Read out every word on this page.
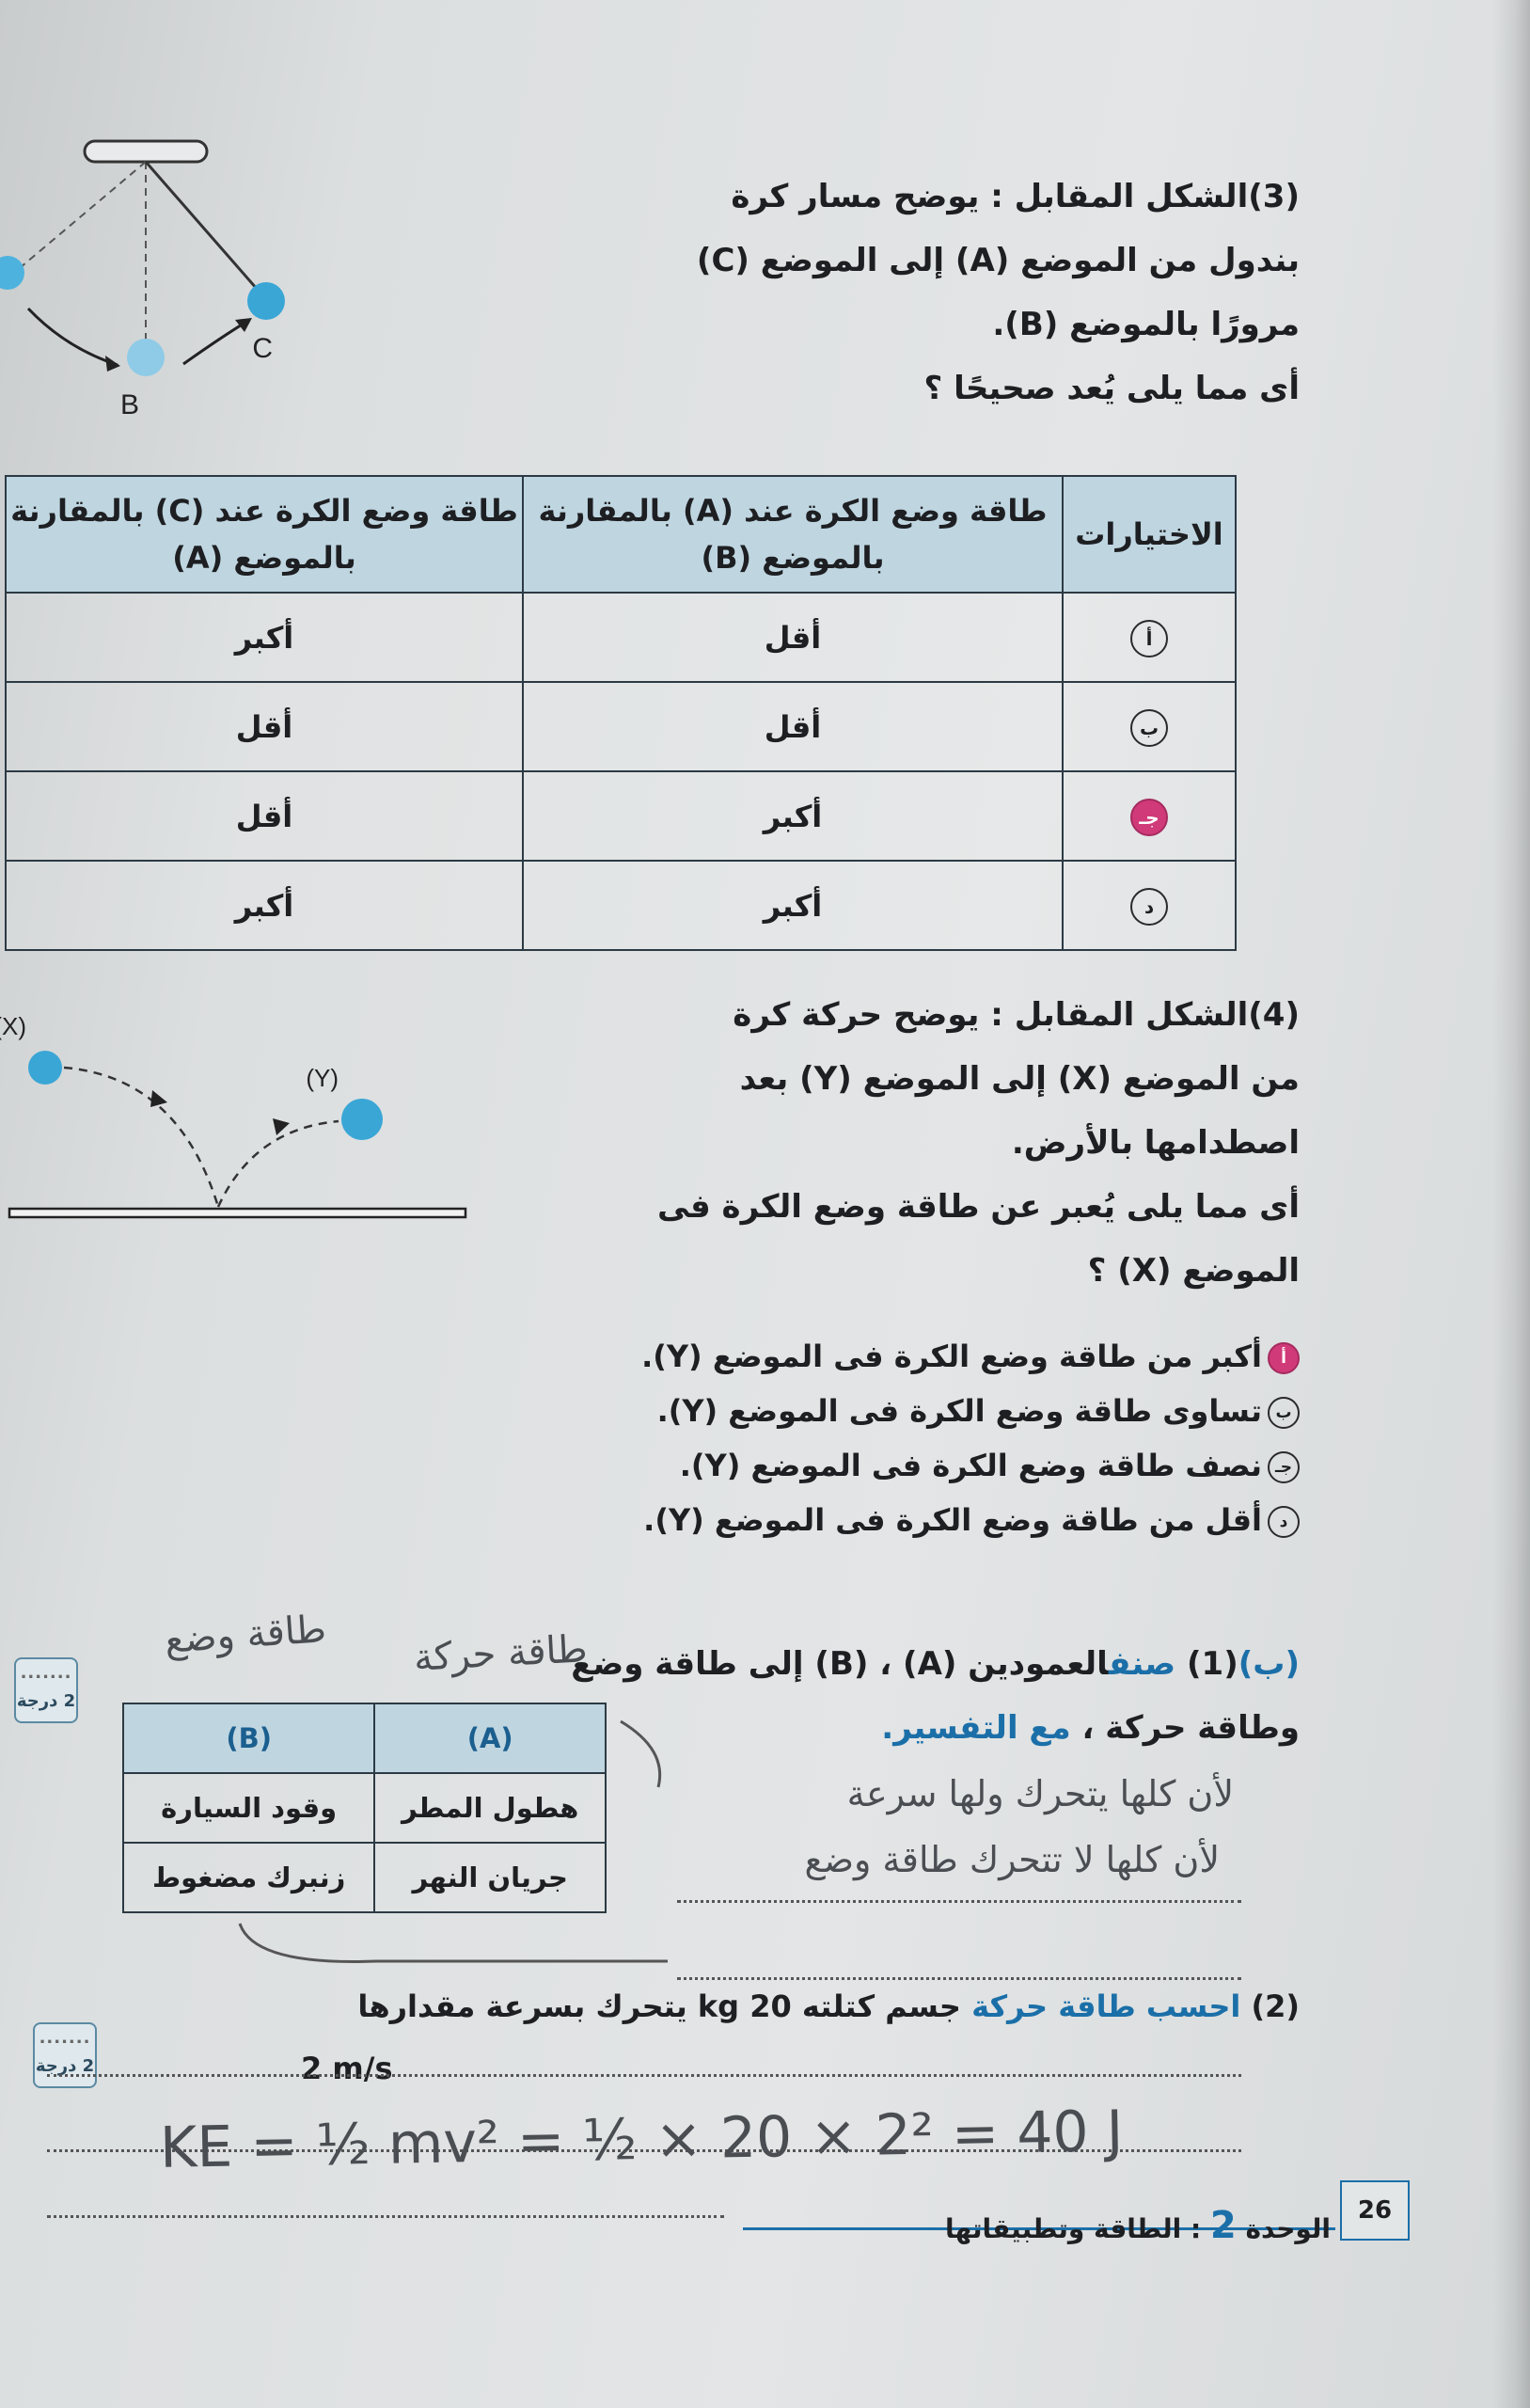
(3)الشكل المقابل : يوضح مسار كرة
بندول من الموضع (A) إلى الموضع (C)
مرورًا بالموضع (B).
أى مما يلى يُعد صحيحًا ؟
B
C
الاختيارات	طاقة وضع الكرة عند (A) بالمقارنة بالموضع (B)	طاقة وضع الكرة عند (C) بالمقارنة بالموضع (A)
أ	أقل	أكبر
ب	أقل	أقل
جـ	أكبر	أقل
د	أكبر	أكبر
(4)الشكل المقابل : يوضح حركة كرة
من الموضع (X) إلى الموضع (Y) بعد
اصطدامها بالأرض.
أى مما يلى يُعبر عن طاقة وضع الكرة فى
الموضع (X) ؟
(X
(Y)
أأكبر من طاقة وضع الكرة فى الموضع (Y).
بتساوى طاقة وضع الكرة فى الموضع (Y).
جـنصف طاقة وضع الكرة فى الموضع (Y).
دأقل من طاقة وضع الكرة فى الموضع (Y).
(ب)(1) صنفالعمودين (A) ، (B) إلى طاقة وضع
وطاقة حركة ، مع التفسير.
.......
2 درجة
(B)	(A)
وقود السيارة	هطول المطر
زنبرك مضغوط	جريان النهر
طاقة وضع طاقة حركة
لأن كلها يتحرك ولها سرعة
لأن كلها لا تتحرك طاقة وضع
(2) احسب طاقة حركة جسم كتلته 20 kg يتحرك بسرعة مقدارها
2 m/s
.......
2 درجة
KE = ½ mv² = ½ × 20 × 2² = 40 J
26
الوحدة 2 : الطاقة وتطبيقاتها
